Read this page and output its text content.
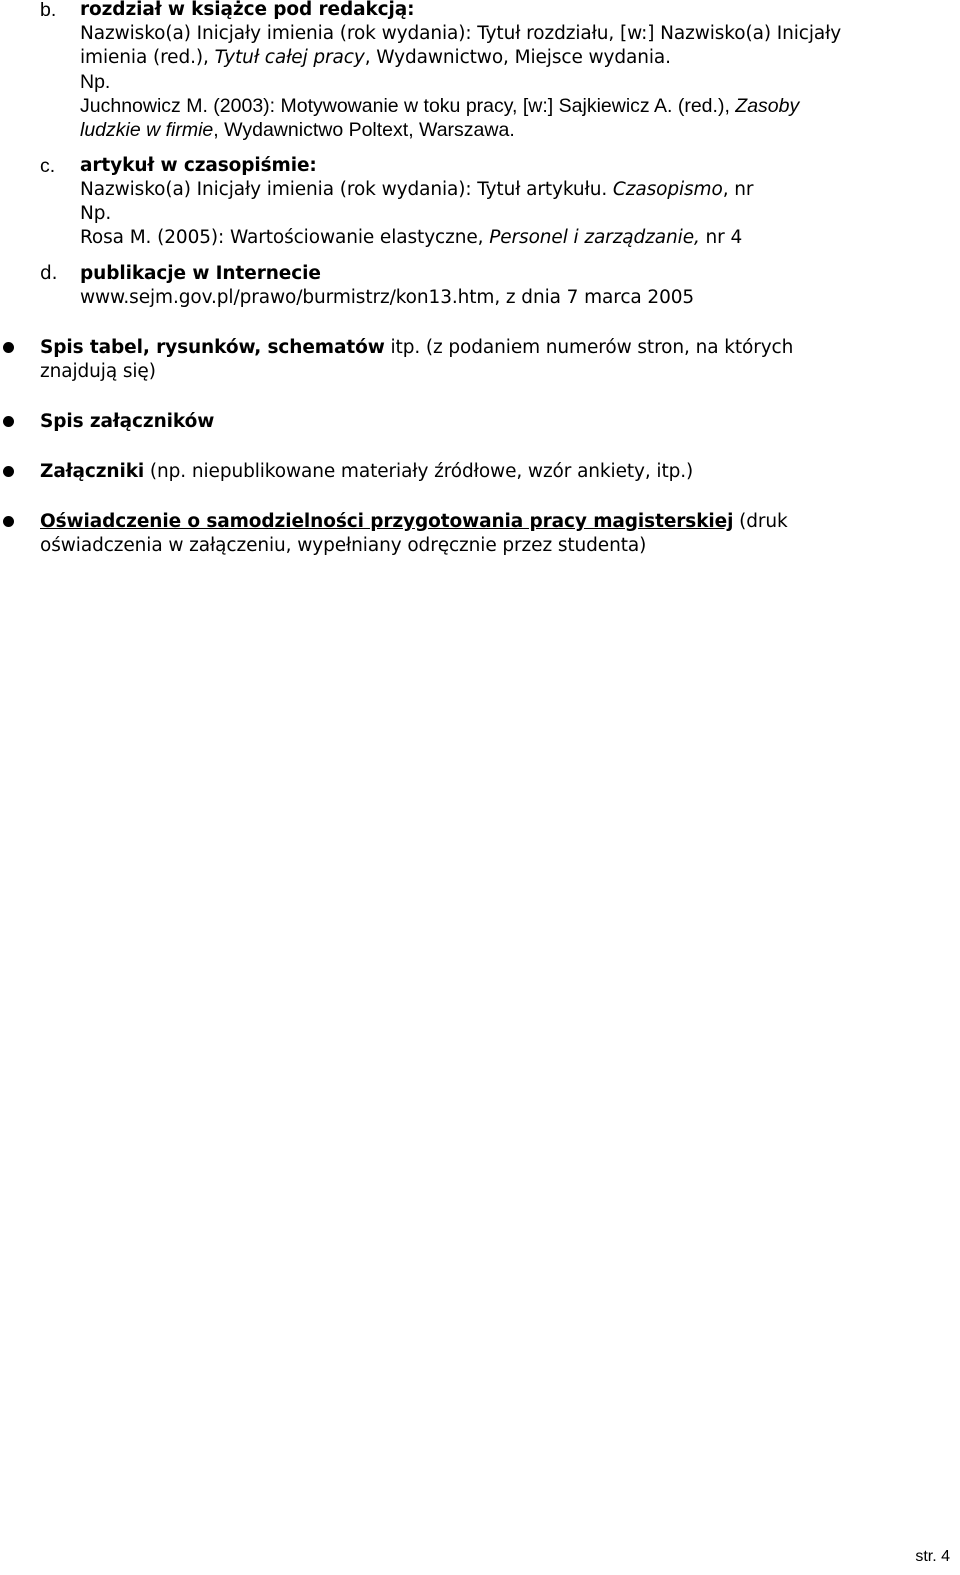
b. rozdział w książce pod redakcją:
Nazwisko(a) Inicjały imienia (rok wydania): Tytuł rozdziału, [w:] Nazwisko(a) Inicjały
imienia (red.), Tytuł całej pracy, Wydawnictwo, Miejsce wydania.
Np.
Juchnowicz M. (2003): Motywowanie w toku pracy, [w:] Sajkiewicz A. (red.), Zasoby
ludzkie w firmie, Wydawnictwo Poltext, Warszawa.
c. artykuł w czasopiśmie:
Nazwisko(a) Inicjały imienia (rok wydania): Tytuł artykułu. Czasopismo, nr
Np.
Rosa M. (2005): Wartościowanie elastyczne, Personel i zarządzanie, nr 4
d. publikacje w Internecie
www.sejm.gov.pl/prawo/burmistrz/kon13.htm, z dnia 7 marca 2005
Spis tabel, rysunków, schematów itp. (z podaniem numerów stron, na których
znajdują się)
Spis załączników
Załączniki (np. niepublikowane materiały źródłowe, wzór ankiety, itp.)
Oświadczenie o samodzielności przygotowania pracy magisterskiej (druk
oświadczenia w załączeniu, wypełniany odręcznie przez studenta)
str. 4
